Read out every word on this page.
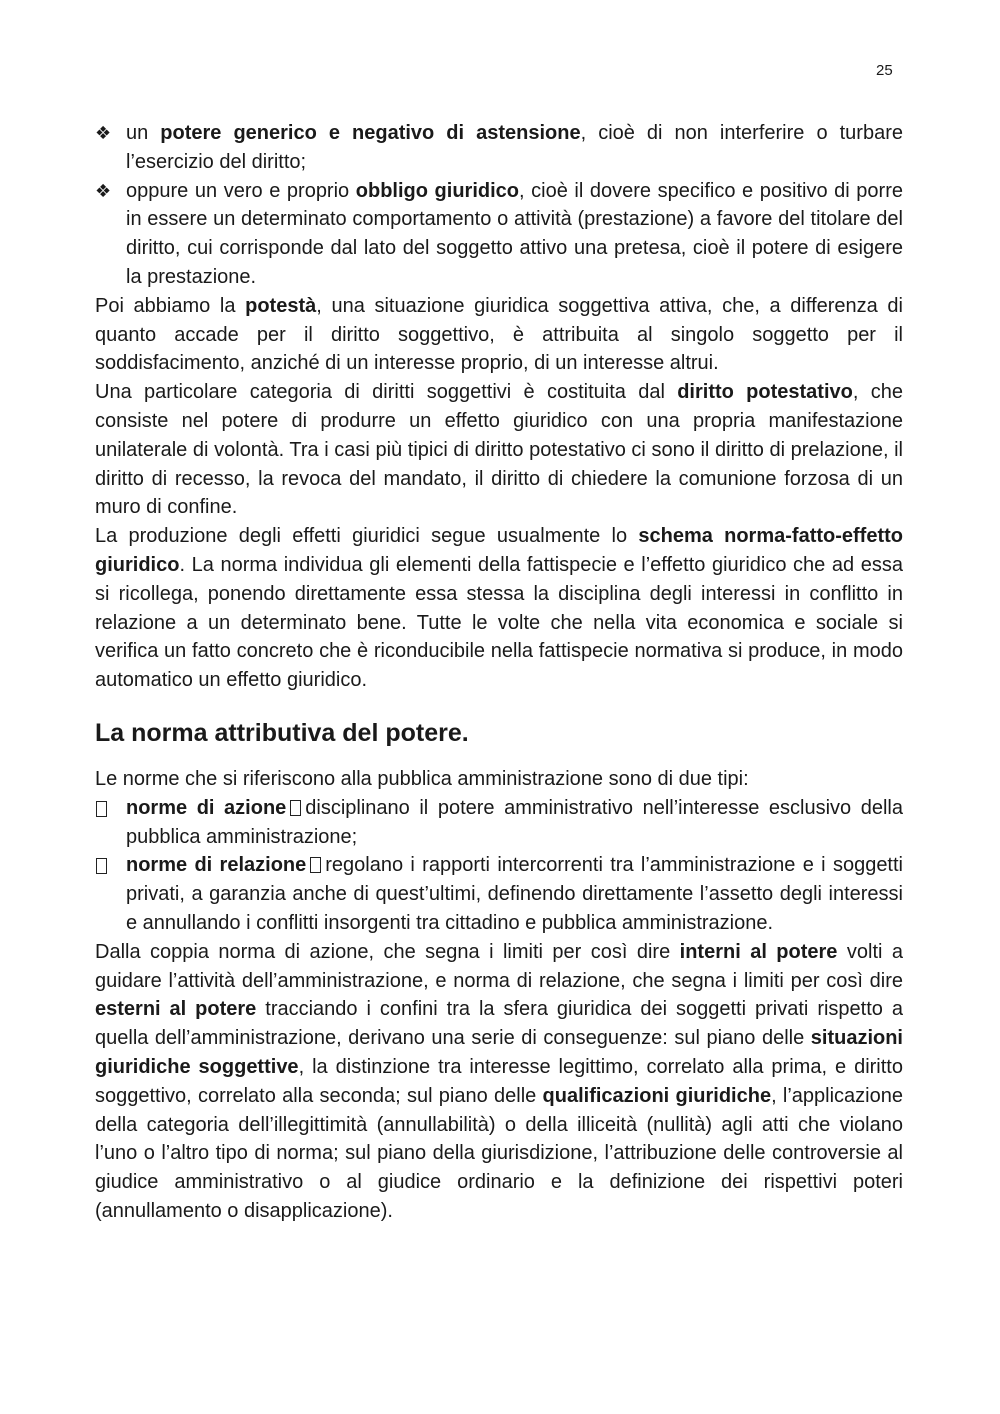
25
❖ un potere generico e negativo di astensione, cioè di non interferire o turbare l’esercizio del diritto;
❖ oppure un vero e proprio obbligo giuridico, cioè il dovere specifico e positivo di porre in essere un determinato comportamento o attività (prestazione) a favore del titolare del diritto, cui corrisponde dal lato del soggetto attivo una pretesa, cioè il potere di esigere la prestazione.

Poi abbiamo la potestà, una situazione giuridica soggettiva attiva, che, a differenza di quanto accade per il diritto soggettivo, è attribuita al singolo soggetto per il soddisfacimento, anziché di un interesse proprio, di un interesse altrui.

Una particolare categoria di diritti soggettivi è costituita dal diritto potestativo, che consiste nel potere di produrre un effetto giuridico con una propria manifestazione unilaterale di volontà. Tra i casi più tipici di diritto potestativo ci sono il diritto di prelazione, il diritto di recesso, la revoca del mandato, il diritto di chiedere la comunione forzosa di un muro di confine.

La produzione degli effetti giuridici segue usualmente lo schema norma-fatto-effetto giuridico. La norma individua gli elementi della fattispecie e l’effetto giuridico che ad essa si ricollega, ponendo direttamente essa stessa la disciplina degli interessi in conflitto in relazione a un determinato bene. Tutte le volte che nella vita economica e sociale si verifica un fatto concreto che è riconducibile nella fattispecie normativa si produce, in modo automatico un effetto giuridico.

La norma attributiva del potere.

Le norme che si riferiscono alla pubblica amministrazione sono di due tipi:

norme di azione disciplinano il potere amministrativo nell’interesse esclusivo della pubblica amministrazione;
norme di relazione regolano i rapporti intercorrenti tra l’amministrazione e i soggetti privati, a garanzia anche di quest’ultimi, definendo direttamente l’assetto degli interessi e annullando i conflitti insorgenti tra cittadino e pubblica amministrazione.

Dalla coppia norma di azione, che segna i limiti per così dire interni al potere volti a guidare l’attività dell’amministrazione, e norma di relazione, che segna i limiti per così dire esterni al potere tracciando i confini tra la sfera giuridica dei soggetti privati rispetto a quella dell’amministrazione, derivano una serie di conseguenze: sul piano delle situazioni giuridiche soggettive, la distinzione tra interesse legittimo, correlato alla prima, e diritto soggettivo, correlato alla seconda; sul piano delle qualificazioni giuridiche, l’applicazione della categoria dell’illegittimità (annullabilità) o della illiceità (nullità) agli atti che violano l’uno o l’altro tipo di norma; sul piano della giurisdizione, l’attribuzione delle controversie al giudice amministrativo o al giudice ordinario e la definizione dei rispettivi poteri (annullamento o disapplicazione).
